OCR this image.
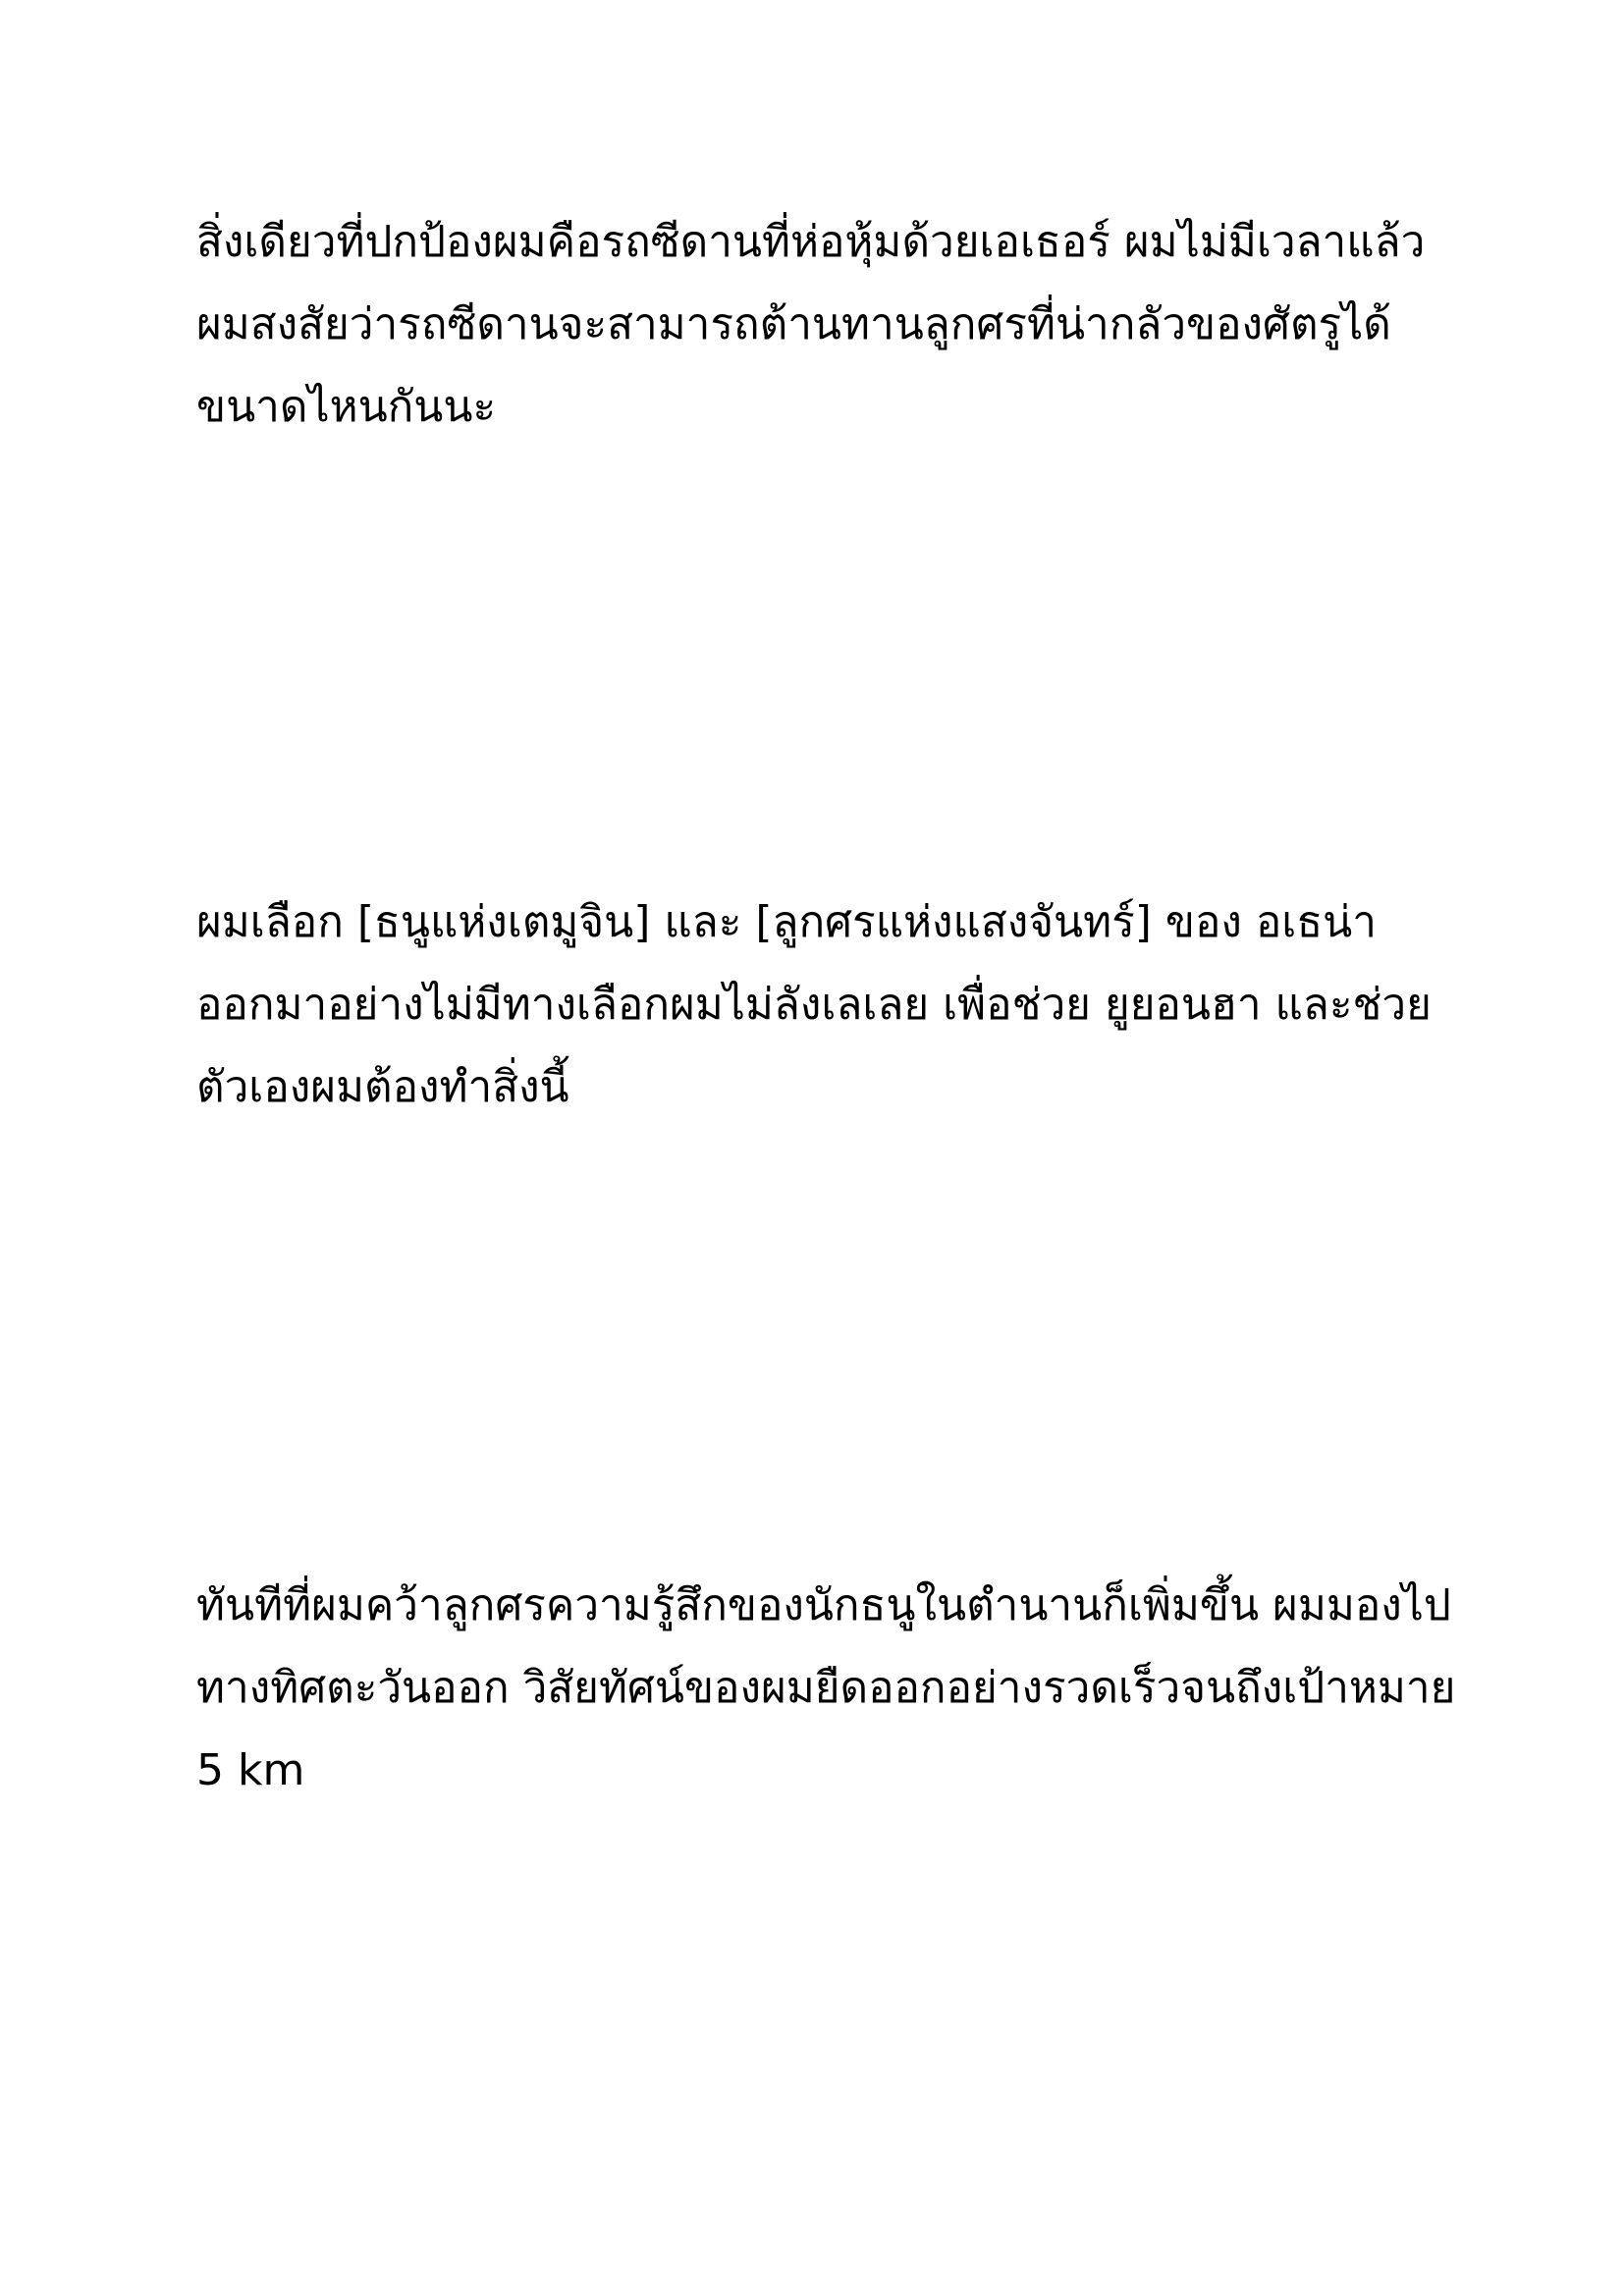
สิ่งเดียวที่ปกป้องผมคือรถซีดานที่ห่อหุ้มด้วยเอเธอร์ ผมไม่มีเวลาแล้ว
ผมสงสัยว่ารถซีดานจะสามารถต้านทานลูกศรที่น่ากลัวของศัตรูได้
ขนาดไหนกันนะ

ผมเลือก [ธนูแห่งเตมูจิน] และ [ลูกศรแห่งแสงจันทร์] ของ อเธน่า
ออกมาอย่างไม่มีทางเลือกผมไม่ลังเลเลย เพื่อช่วย ยูยอนฮา และช่วย
ตัวเองผมต้องทำสิ่งนี้

ทันทีที่ผมคว้าลูกศรความรู้สึกของนักธนูในตำนานก็เพิ่มขึ้น ผมมองไป
ทางทิศตะวันออก วิสัยทัศน์ของผมยืดออกอย่างรวดเร็วจนถึงเป้าหมาย
5 km
